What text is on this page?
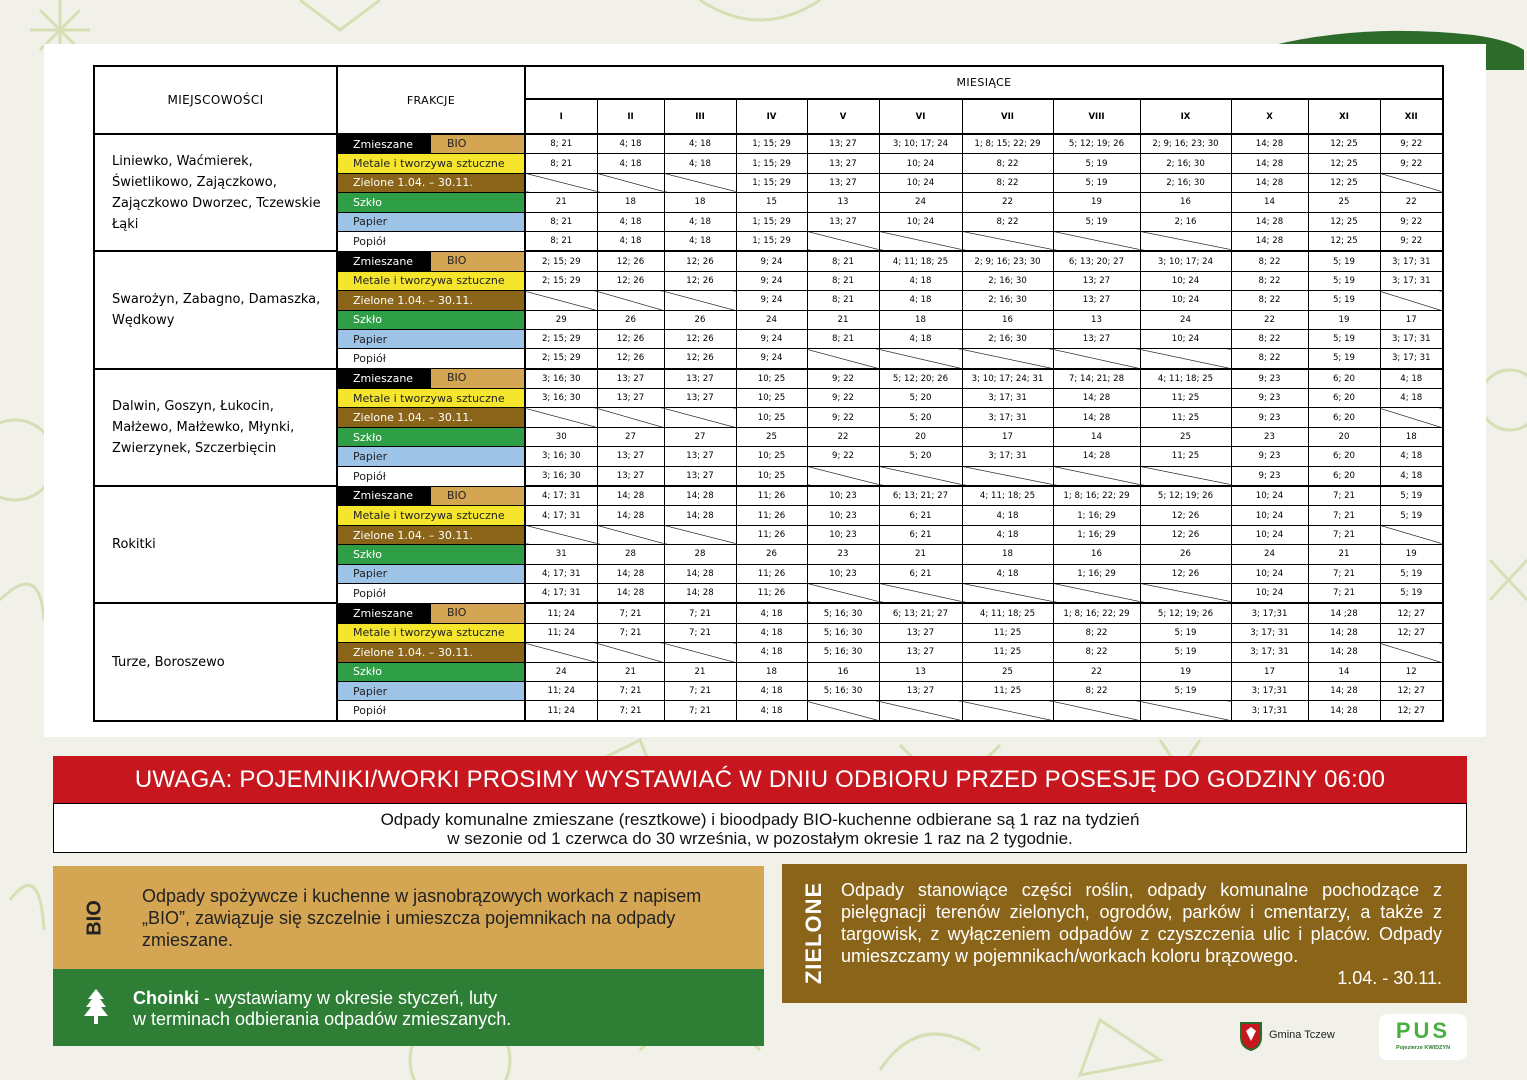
MIEJSCOWOŚCI	FRAKCJE	MIESIĄCE											
		I	II	III	IV	V	VI	VII	VIII	IX	X	XI	XII
Liniewko, Waćmierek, Świetlikowo, Zajączkowo, Zajączkowo Dworzec, Tczewskie Łąki	Zmieszane BIO	8; 21	4; 18	4; 18	1; 15; 29	13; 27	3; 10; 17; 24	1; 8; 15; 22; 29	5; 12; 19; 26	2; 9; 16; 23; 30	14; 28	12; 25	9; 22
	Metale i tworzywa sztuczne	8; 21	4; 18	4; 18	1; 15; 29	13; 27	10; 24	8; 22	5; 19	2; 16; 30	14; 28	12; 25	9; 22
	Zielone 1.04. – 30.11.				1; 15; 29	13; 27	10; 24	8; 22	5; 19	2; 16; 30	14; 28	12; 25	
	Szkło	21	18	18	15	13	24	22	19	16	14	25	22
	Papier	8; 21	4; 18	4; 18	1; 15; 29	13; 27	10; 24	8; 22	5; 19	2; 16	14; 28	12; 25	9; 22
	Popiół	8; 21	4; 18	4; 18	1; 15; 29						14; 28	12; 25	9; 22
Swarożyn, Zabagno, Damaszka, Wędkowy	Zmieszane BIO	2; 15; 29	12; 26	12; 26	9; 24	8; 21	4; 11; 18; 25	2; 9; 16; 23; 30	6; 13; 20; 27	3; 10; 17; 24	8; 22	5; 19	3; 17; 31
	Metale i tworzywa sztuczne	2; 15; 29	12; 26	12; 26	9; 24	8; 21	4; 18	2; 16; 30	13; 27	10; 24	8; 22	5; 19	3; 17; 31
	Zielone 1.04. – 30.11.				9; 24	8; 21	4; 18	2; 16; 30	13; 27	10; 24	8; 22	5; 19	
	Szkło	29	26	26	24	21	18	16	13	24	22	19	17
	Papier	2; 15; 29	12; 26	12; 26	9; 24	8; 21	4; 18	2; 16; 30	13; 27	10; 24	8; 22	5; 19	3; 17; 31
	Popiół	2; 15; 29	12; 26	12; 26	9; 24						8; 22	5; 19	3; 17; 31
Dalwin, Goszyn, Łukocin, Małżewo, Małżewko, Młynki, Zwierzynek, Szczerbięcin	Zmieszane BIO	3; 16; 30	13; 27	13; 27	10; 25	9; 22	5; 12; 20; 26	3; 10; 17; 24; 31	7; 14; 21; 28	4; 11; 18; 25	9; 23	6; 20	4; 18
	Metale i tworzywa sztuczne	3; 16; 30	13; 27	13; 27	10; 25	9; 22	5; 20	3; 17; 31	14; 28	11; 25	9; 23	6; 20	4; 18
	Zielone 1.04. – 30.11.				10; 25	9; 22	5; 20	3; 17; 31	14; 28	11; 25	9; 23	6; 20	
	Szkło	30	27	27	25	22	20	17	14	25	23	20	18
	Papier	3; 16; 30	13; 27	13; 27	10; 25	9; 22	5; 20	3; 17; 31	14; 28	11; 25	9; 23	6; 20	4; 18
	Popiół	3; 16; 30	13; 27	13; 27	10; 25						9; 23	6; 20	4; 18
Rokitki	Zmieszane BIO	4; 17; 31	14; 28	14; 28	11; 26	10; 23	6; 13; 21; 27	4; 11; 18; 25	1; 8; 16; 22; 29	5; 12; 19; 26	10; 24	7; 21	5; 19
	Metale i tworzywa sztuczne	4; 17; 31	14; 28	14; 28	11; 26	10; 23	6; 21	4; 18	1; 16; 29	12; 26	10; 24	7; 21	5; 19
	Zielone 1.04. – 30.11.				11; 26	10; 23	6; 21	4; 18	1; 16; 29	12; 26	10; 24	7; 21	
	Szkło	31	28	28	26	23	21	18	16	26	24	21	19
	Papier	4; 17; 31	14; 28	14; 28	11; 26	10; 23	6; 21	4; 18	1; 16; 29	12; 26	10; 24	7; 21	5; 19
	Popiół	4; 17; 31	14; 28	14; 28	11; 26						10; 24	7; 21	5; 19
Turze, Boroszewo	Zmieszane BIO	11; 24	7; 21	7; 21	4; 18	5; 16; 30	6; 13; 21; 27	4; 11; 18; 25	1; 8; 16; 22; 29	5; 12; 19; 26	3; 17;31	14 ;28	12; 27
	Metale i tworzywa sztuczne	11; 24	7; 21	7; 21	4; 18	5; 16; 30	13; 27	11; 25	8; 22	5; 19	3; 17; 31	14; 28	12; 27
	Zielone 1.04. – 30.11.				4; 18	5; 16; 30	13; 27	11; 25	8; 22	5; 19	3; 17; 31	14; 28	
	Szkło	24	21	21	18	16	13	25	22	19	17	14	12
	Papier	11; 24	7; 21	7; 21	4; 18	5; 16; 30	13; 27	11; 25	8; 22	5; 19	3; 17;31	14; 28	12; 27
	Popiół	11; 24	7; 21	7; 21	4; 18						3; 17;31	14; 28	12; 27
UWAGA: POJEMNIKI/WORKI PROSIMY WYSTAWIAĆ W DNIU ODBIORU PRZED POSESJĘ DO GODZINY 06:00
Odpady komunalne zmieszane (resztkowe) i bioodpady BIO-kuchenne odbierane są 1 raz na tydzień
w sezonie od 1 czerwca do 30 września, w pozostałym okresie 1 raz na 2 tygodnie.
BIO
Odpady spożywcze i kuchenne w jasnobrązowych workach z napisem „BIO”, zawiązuje się szczelnie i umieszcza pojemnikach na odpady zmieszane.
Choinki - wystawiamy w okresie styczeń, luty
w terminach odbierania odpadów zmieszanych.
ZIELONE Odpady stanowiące części roślin, odpady komunalne pochodzące z pielęgnacji terenów zielonych, ogrodów, parków i cmentarzy, a także z targowisk, z wyłączeniem odpadów z czyszczenia ulic i placów. Odpady umieszczamy w pojemnikach/workach koloru brązowego.
1.04. - 30.11.
Gmina Tczew	PUS
Pojezierze KWIDZYN
